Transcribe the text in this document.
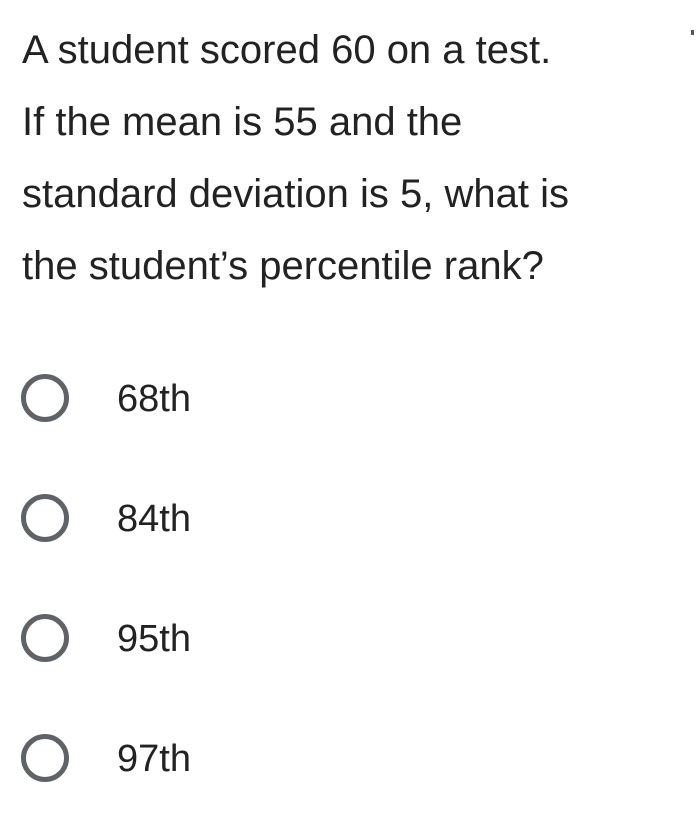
A student scored 60 on a test.
If the mean is 55 and the
standard deviation is 5, what is
the student’s percentile rank?
68th
84th
95th
97th
